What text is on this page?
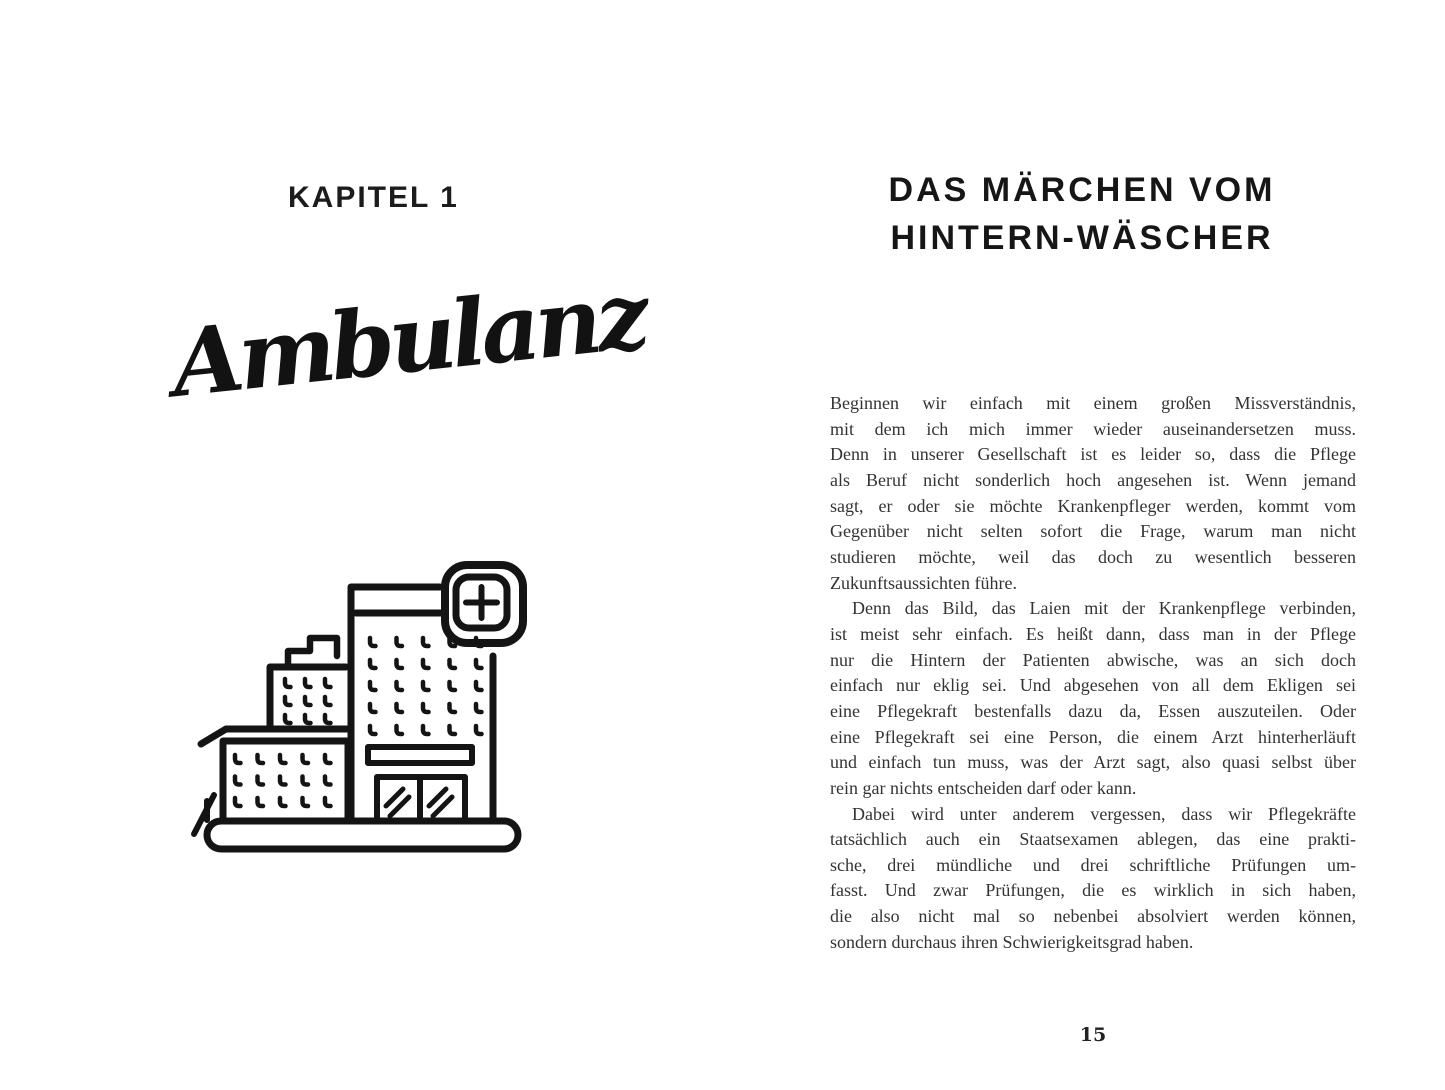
KAPITEL 1
Ambulanz
DAS MÄRCHEN VOM
HINTERN-WÄSCHER
Beginnen wir einfach mit einem großen Missverständnis,
mit dem ich mich immer wieder auseinandersetzen muss.
Denn in unserer Gesellschaft ist es leider so, dass die Pflege
als Beruf nicht sonderlich hoch angesehen ist. Wenn jemand
sagt, er oder sie möchte Krankenpfleger werden, kommt vom
Gegenüber nicht selten sofort die Frage, warum man nicht
studieren möchte, weil das doch zu wesentlich besseren
Zukunftsaussichten führe.
Denn das Bild, das Laien mit der Krankenpflege verbinden,
ist meist sehr einfach. Es heißt dann, dass man in der Pflege
nur die Hintern der Patienten abwische, was an sich doch
einfach nur eklig sei. Und abgesehen von all dem Ekligen sei
eine Pflegekraft bestenfalls dazu da, Essen auszuteilen. Oder
eine Pflegekraft sei eine Person, die einem Arzt hinterherläuft
und einfach tun muss, was der Arzt sagt, also quasi selbst über
rein gar nichts entscheiden darf oder kann.
Dabei wird unter anderem vergessen, dass wir Pflegekräfte
tatsächlich auch ein Staatsexamen ablegen, das eine prakti-
sche, drei mündliche und drei schriftliche Prüfungen um-
fasst. Und zwar Prüfungen, die es wirklich in sich haben,
die also nicht mal so nebenbei absolviert werden können,
sondern durchaus ihren Schwierigkeitsgrad haben.
15
